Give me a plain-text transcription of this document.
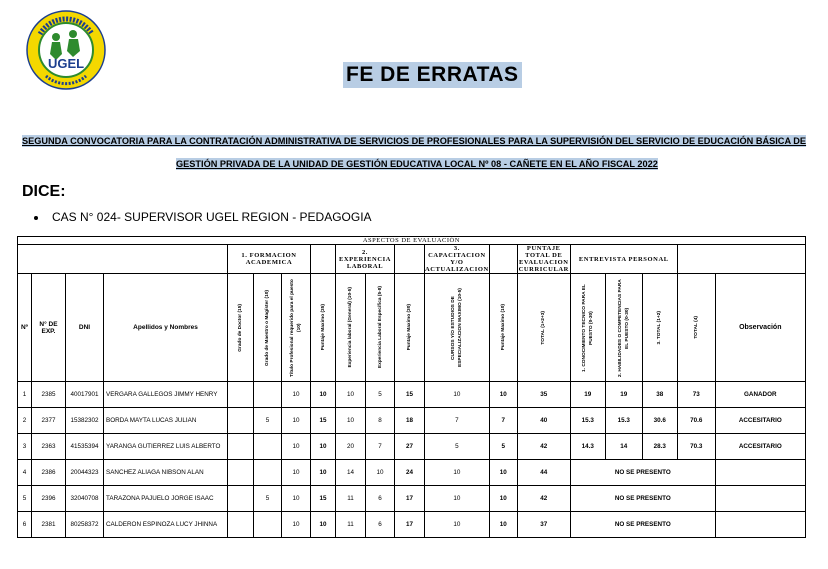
UGEL	FE DE ERRATAS
SEGUNDA CONVOCATORIA PARA LA CONTRATACIÓN ADMINISTRATIVA DE SERVICIOS DE PROFESIONALES PARA LA SUPERVISIÓN DEL SERVICIO DE EDUCACIÓN BÁSICA DE
GESTIÓN PRIVADA DE LA UNIDAD DE GESTIÓN EDUCATIVA LOCAL Nº 08 - CAÑETE EN EL AÑO FISCAL 2022
DICE:
CAS N° 024- SUPERVISOR UGEL REGION - PEDAGOGIA
ASPECTOS DE EVALUACIÓN																		
				1. FORMACION ACADEMICA				2. EXPERIENCIA LABORAL			3. CAPACITACION Y/O ACTUALIZACION		PUNTAJE TOTAL DE EVALUACION CURRICULAR	ENTREVISTA PERSONAL				
Nº	N° DE EXP.	DNI	Apellidos y Nombres	Grado de Doctor (15)	Grado de Maestro o Magíster (10)	Título Profesional requerido para el puesto (10)	Puntaje Maximo (35)	Experiencia laboral (General) (10-5)	Experiencia Laboral Específica (5-8)	Puntaje Maximo (30)	CURSOS Y/O ESTUDIOS DE ESPECIALIZACION MAXIMO (10-5)	Puntaje Maximo (10)	TOTAL (1+2+3)	1. CONOCIMIENTO TECNICO PARA EL PUESTO (0-30)	2. HABILIDADES O COMPETENCIAS PARA EL PUESTO (0-30)	3. TOTAL (1+2)	TOTAL (4)	Observación
1	2385	40017901	VERGARA GALLEGOS JIMMY HENRY			10	10	10	5	15	10	10	35	19	19	38	73	GANADOR
2	2377	15382302	BORDA MAYTA LUCAS JULIAN		5	10	15	10	8	18	7	7	40	15.3	15.3	30.6	70.6	ACCESITARIO
3	2363	41535394	YARANGA GUTIERREZ LUIS ALBERTO			10	10	20	7	27	5	5	42	14.3	14	28.3	70.3	ACCESITARIO
4	2386	20044323	SANCHEZ ALIAGA NIBSON ALAN			10	10	14	10	24	10	10	44	NO SE PRESENTO				
5	2396	32040708	TARAZONA PAJUELO JORGE ISAAC		5	10	15	11	6	17	10	10	42	NO SE PRESENTO				
6	2381	80258372	CALDERON ESPINOZA LUCY JHINNA			10	10	11	6	17	10	10	37	NO SE PRESENTO				
